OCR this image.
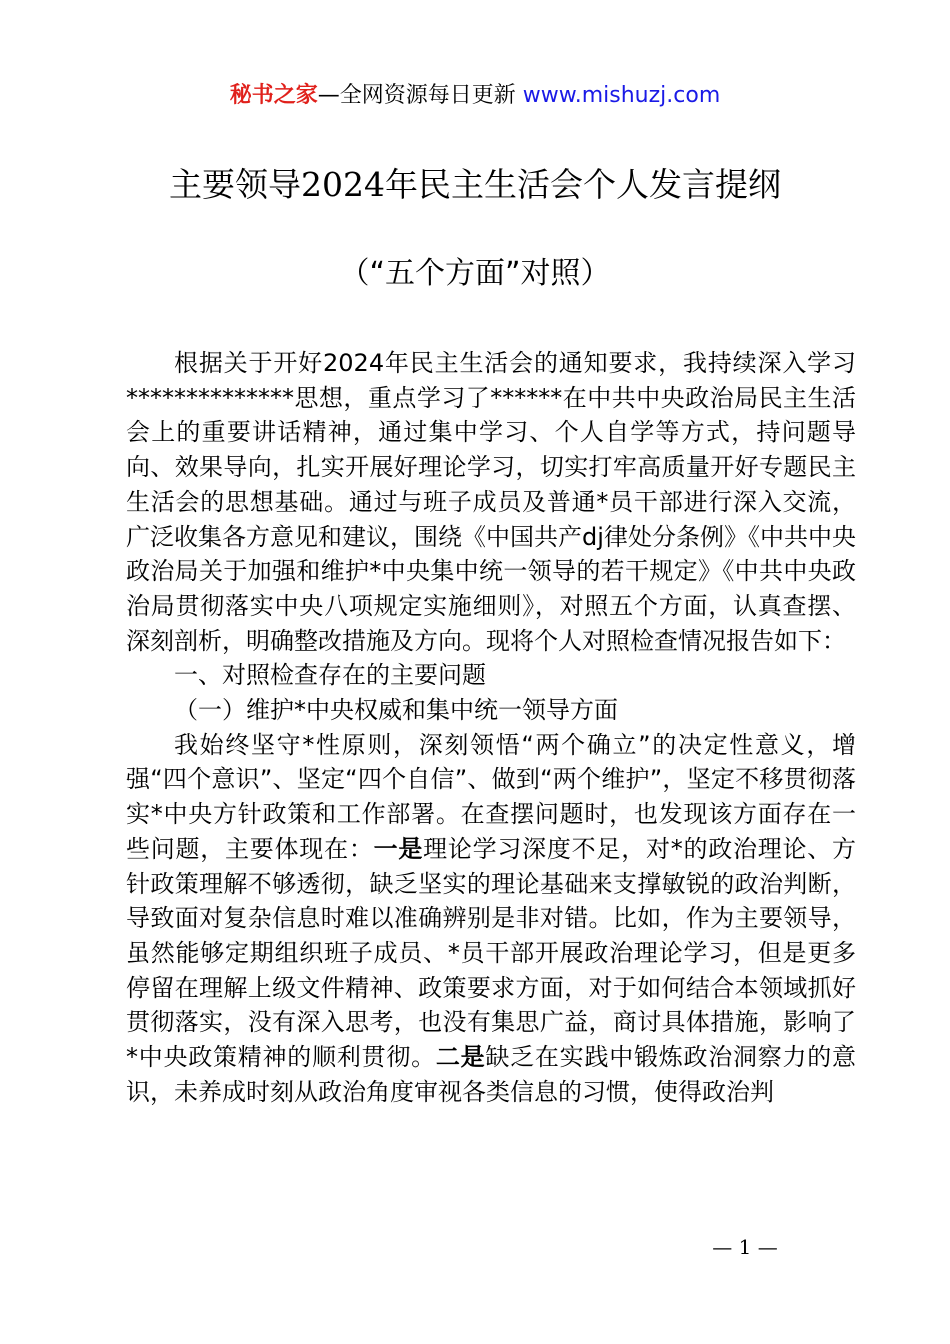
秘书之家—全网资源每日更新 www.mishuzj.com
主要领导2024年民主生活会个人发言提纲
（“五个方面”对照）

根据关于开好2024年民主生活会的通知要求，我持续深入学习**************思想，重点学习了******在中共中央政治局民主生活会上的重要讲话精神，通过集中学习、个人自学等方式，持问题导向、效果导向，扎实开展好理论学习，切实打牢高质量开好专题民主生活会的思想基础。通过与班子成员及普通*员干部进行深入交流，广泛收集各方意见和建议，围绕《中国共产dj律处分条例》《中共中央政治局关于加强和维护*中央集中统一领导的若干规定》《中共中央政治局贯彻落实中央八项规定实施细则》，对照五个方面，认真查摆、深刻剖析，明确整改措施及方向。现将个人对照检查情况报告如下：

一、对照检查存在的主要问题

（一）维护*中央权威和集中统一领导方面

我始终坚守*性原则，深刻领悟“两个确立”的决定性意义，增强“四个意识”、坚定“四个自信”、做到“两个维护”，坚定不移贯彻落实*中央方针政策和工作部署。在查摆问题时，也发现该方面存在一些问题，主要体现在：一是理论学习深度不足，对*的政治理论、方针政策理解不够透彻，缺乏坚实的理论基础来支撑敏锐的政治判断，导致面对复杂信息时难以准确辨别是非对错。比如，作为主要领导，虽然能够定期组织班子成员、*员干部开展政治理论学习，但是更多停留在理解上级文件精神、政策要求方面，对于如何结合本领域抓好贯彻落实，没有深入思考，也没有集思广益，商讨具体措施，影响了*中央政策精神的顺利贯彻。二是缺乏在实践中锻炼政治洞察力的意识，未养成时刻从政治角度审视各类信息的习惯，使得政治判

— 1 —
